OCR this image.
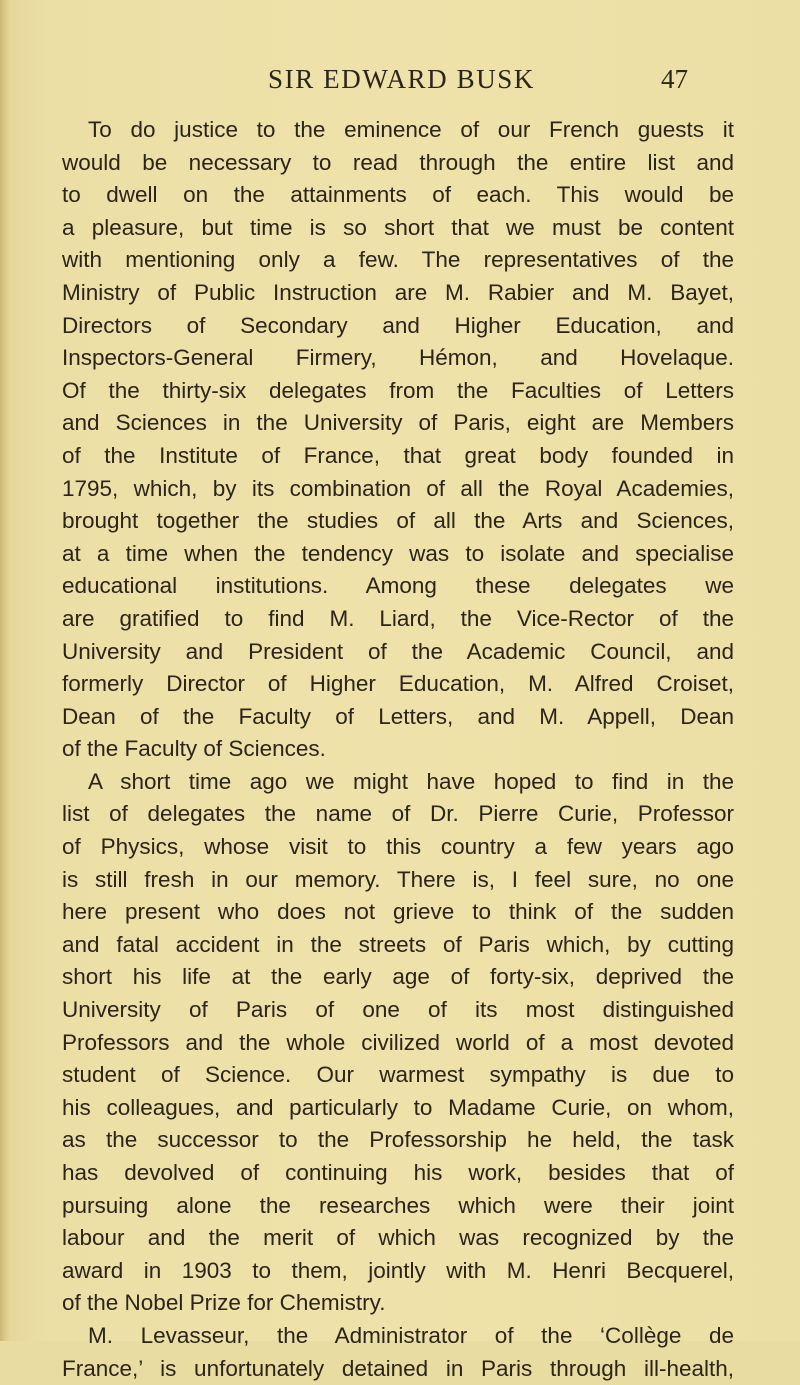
SIR EDWARD BUSK	47

To do justice to the eminence of our French guests it
would be necessary to read through the entire list and
to dwell on the attainments of each. This would be
a pleasure, but time is so short that we must be content
with mentioning only a few. The representatives of the
Ministry of Public Instruction are M. Rabier and M. Bayet,
Directors of Secondary and Higher Education, and
Inspectors-General Firmery, Hémon, and Hovelaque.
Of the thirty-six delegates from the Faculties of Letters
and Sciences in the University of Paris, eight are Members
of the Institute of France, that great body founded in
1795, which, by its combination of all the Royal Academies,
brought together the studies of all the Arts and Sciences,
at a time when the tendency was to isolate and specialise
educational institutions. Among these delegates we
are gratified to find M. Liard, the Vice-Rector of the
University and President of the Academic Council, and
formerly Director of Higher Education, M. Alfred Croiset,
Dean of the Faculty of Letters, and M. Appell, Dean
of the Faculty of Sciences.

A short time ago we might have hoped to find in the
list of delegates the name of Dr. Pierre Curie, Professor
of Physics, whose visit to this country a few years ago
is still fresh in our memory. There is, I feel sure, no one
here present who does not grieve to think of the sudden
and fatal accident in the streets of Paris which, by cutting
short his life at the early age of forty-six, deprived the
University of Paris of one of its most distinguished
Professors and the whole civilized world of a most devoted
student of Science. Our warmest sympathy is due to
his colleagues, and particularly to Madame Curie, on whom,
as the successor to the Professorship he held, the task
has devolved of continuing his work, besides that of
pursuing alone the researches which were their joint
labour and the merit of which was recognized by the
award in 1903 to them, jointly with M. Henri Becquerel,
of the Nobel Prize for Chemistry.

M. Levasseur, the Administrator of the ‘Collège de
France,’ is unfortunately detained in Paris through ill-health,
